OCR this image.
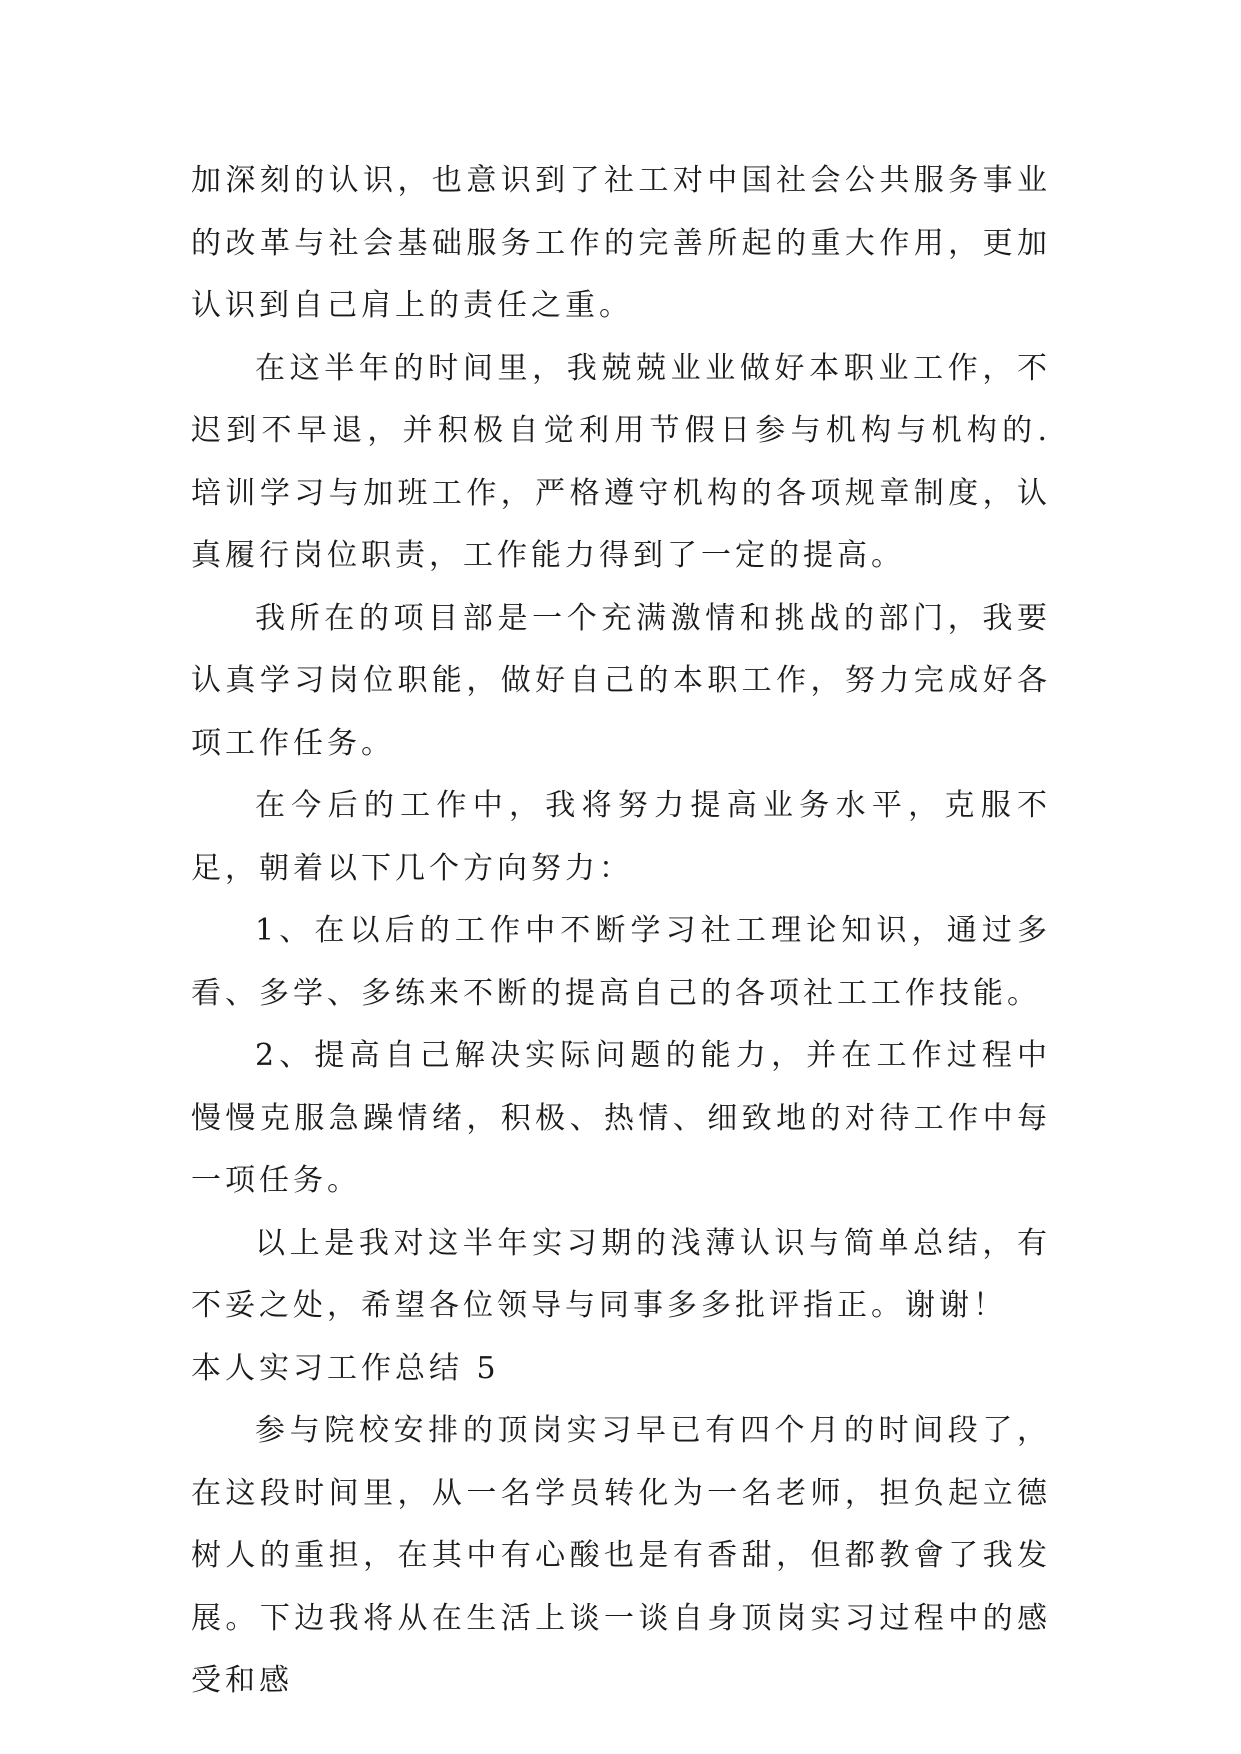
加深刻的认识，也意识到了社工对中国社会公共服务事业的改革与社会基础服务工作的完善所起的重大作用，更加认识到自己肩上的责任之重。

在这半年的时间里，我兢兢业业做好本职业工作，不迟到不早退，并积极自觉利用节假日参与机构与机构的.培训学习与加班工作，严格遵守机构的各项规章制度，认真履行岗位职责，工作能力得到了一定的提高。

我所在的项目部是一个充满激情和挑战的部门，我要认真学习岗位职能，做好自己的本职工作，努力完成好各项工作任务。

在今后的工作中，我将努力提高业务水平，克服不足，朝着以下几个方向努力：

1、在以后的工作中不断学习社工理论知识，通过多看、多学、多练来不断的提高自己的各项社工工作技能。

2、提高自己解决实际问题的能力，并在工作过程中慢慢克服急躁情绪，积极、热情、细致地的对待工作中每一项任务。

以上是我对这半年实习期的浅薄认识与简单总结，有不妥之处，希望各位领导与同事多多批评指正。谢谢！

本人实习工作总结 5

参与院校安排的顶岗实习早已有四个月的时间段了，在这段时间里，从一名学员转化为一名老师，担负起立德树人的重担，在其中有心酸也是有香甜，但都教會了我发展。下边我将从在生活上谈一谈自身顶岗实习过程中的感受和感
